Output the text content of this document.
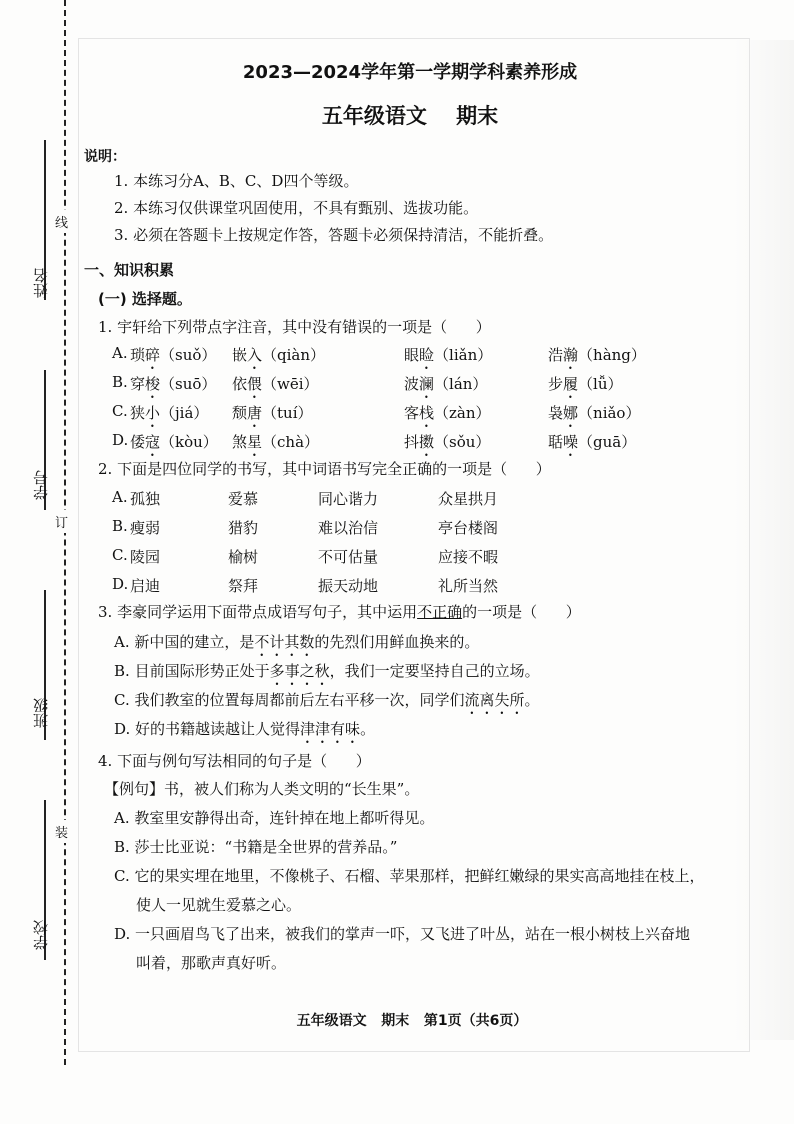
姓名
线
学号
订
班级
装
学校
2023—2024学年第一学期学科素养形成
五年级语文    期末
说明：
1. 本练习分A、B、C、D四个等级。
2. 本练习仅供课堂巩固使用，不具有甄别、选拔功能。
3. 必须在答题卡上按规定作答，答题卡必须保持清洁，不能折叠。
一、知识积累
(一) 选择题。
1. 宇轩给下列带点字注音，其中没有错误的一项是（      ）
A. 琐碎（suǒ） 嵌入（qiàn）	眼睑（liǎn）	浩瀚（hàng）
B. 穿梭（suō） 依偎（wēi）	波澜（lán）	步履（lǚ）
C. 狭小（jiá） 颓唐（tuí）	客栈（zàn）	袅娜（niǎo）
D. 倭寇（kòu） 煞星（chà）	抖擞（sǒu）	聒噪（guā）
2. 下面是四位同学的书写，其中词语书写完全正确的一项是（      ）
A. 孤独	爱慕	同心谐力	众星拱月
B. 瘦弱	猎豹	难以治信	亭台楼阁
C. 陵园	榆树	不可估量	应接不暇
D. 启迪	祭拜	振天动地	礼所当然
3. 李豪同学运用下面带点成语写句子，其中运用不正确的一项是（      ）
A. 新中国的建立，是不计其数的先烈们用鲜血换来的。
B. 目前国际形势正处于多事之秋，我们一定要坚持自己的立场。
C. 我们教室的位置每周都前后左右平移一次，同学们流离失所。
D. 好的书籍越读越让人觉得津津有味。
4. 下面与例句写法相同的句子是（      ）
【例句】书，被人们称为人类文明的“长生果”。
A. 教室里安静得出奇，连针掉在地上都听得见。
B. 莎士比亚说：“书籍是全世界的营养品。”
C. 它的果实埋在地里，不像桃子、石榴、苹果那样，把鲜红嫩绿的果实高高地挂在枝上，
使人一见就生爱慕之心。
D. 一只画眉鸟飞了出来，被我们的掌声一吓，又飞进了叶丛，站在一根小树枝上兴奋地
叫着，那歌声真好听。
五年级语文   期末   第1页（共6页）
